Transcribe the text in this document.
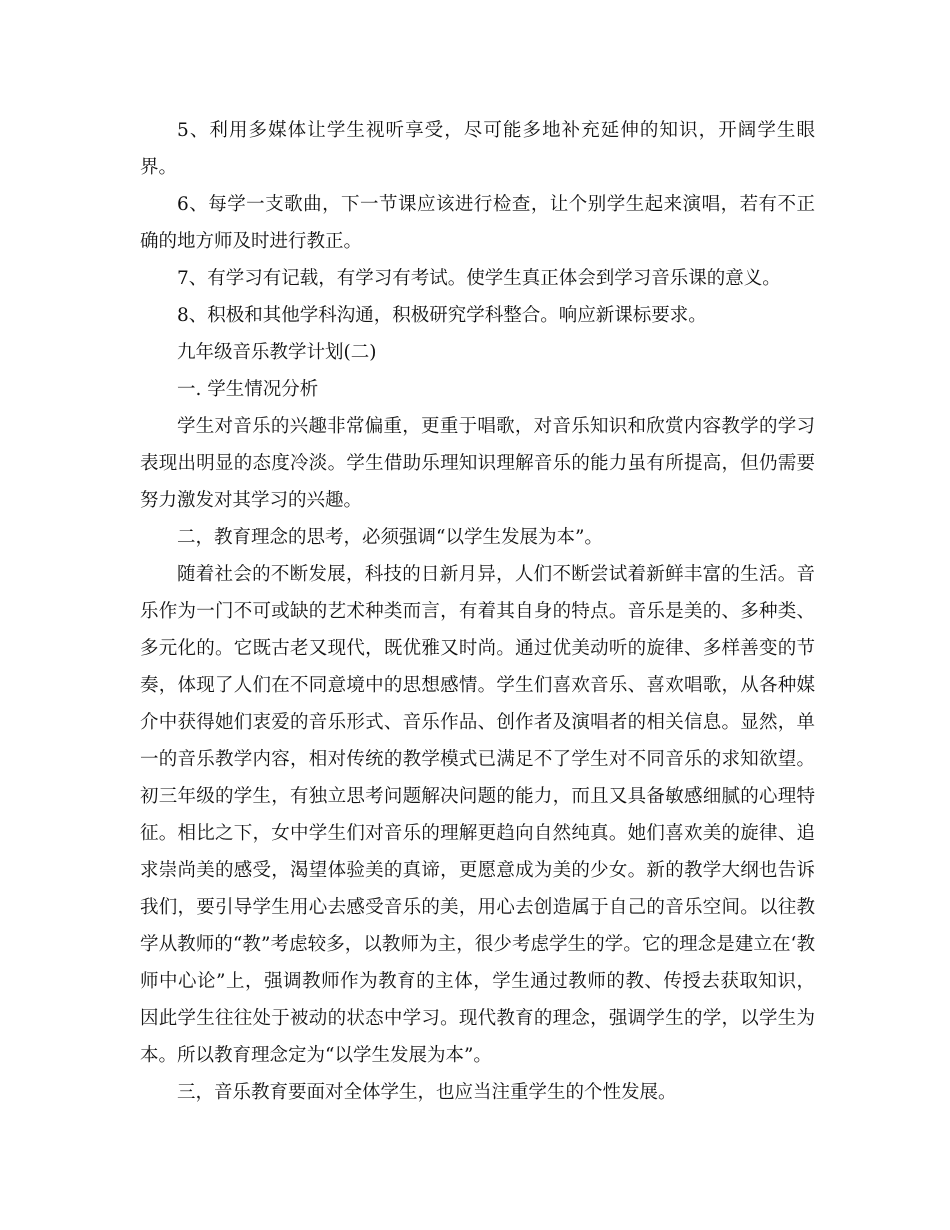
5、利用多媒体让学生视听享受，尽可能多地补充延伸的知识，开阔学生眼界。

6、每学一支歌曲，下一节课应该进行检查，让个别学生起来演唱，若有不正确的地方师及时进行教正。

7、有学习有记载，有学习有考试。使学生真正体会到学习音乐课的意义。

8、积极和其他学科沟通，积极研究学科整合。响应新课标要求。

九年级音乐教学计划(二)

一. 学生情况分析

学生对音乐的兴趣非常偏重，更重于唱歌，对音乐知识和欣赏内容教学的学习表现出明显的态度冷淡。学生借助乐理知识理解音乐的能力虽有所提高，但仍需要努力激发对其学习的兴趣。

二，教育理念的思考，必须强调“以学生发展为本”。

随着社会的不断发展，科技的日新月异，人们不断尝试着新鲜丰富的生活。音乐作为一门不可或缺的艺术种类而言，有着其自身的特点。音乐是美的、多种类、多元化的。它既古老又现代，既优雅又时尚。通过优美动听的旋律、多样善变的节奏，体现了人们在不同意境中的思想感情。学生们喜欢音乐、喜欢唱歌，从各种媒介中获得她们衷爱的音乐形式、音乐作品、创作者及演唱者的相关信息。显然，单一的音乐教学内容，相对传统的教学模式已满足不了学生对不同音乐的求知欲望。初三年级的学生，有独立思考问题解决问题的能力，而且又具备敏感细腻的心理特征。相比之下，女中学生们对音乐的理解更趋向自然纯真。她们喜欢美的旋律、追求崇尚美的感受，渴望体验美的真谛，更愿意成为美的少女。新的教学大纲也告诉我们，要引导学生用心去感受音乐的美，用心去创造属于自己的音乐空间。以往教学从教师的“教”考虑较多，以教师为主，很少考虑学生的学。它的理念是建立在‘教师中心论”上，强调教师作为教育的主体，学生通过教师的教、传授去获取知识，因此学生往往处于被动的状态中学习。现代教育的理念，强调学生的学，以学生为本。所以教育理念定为“以学生发展为本”。

三，音乐教育要面对全体学生，也应当注重学生的个性发展。
